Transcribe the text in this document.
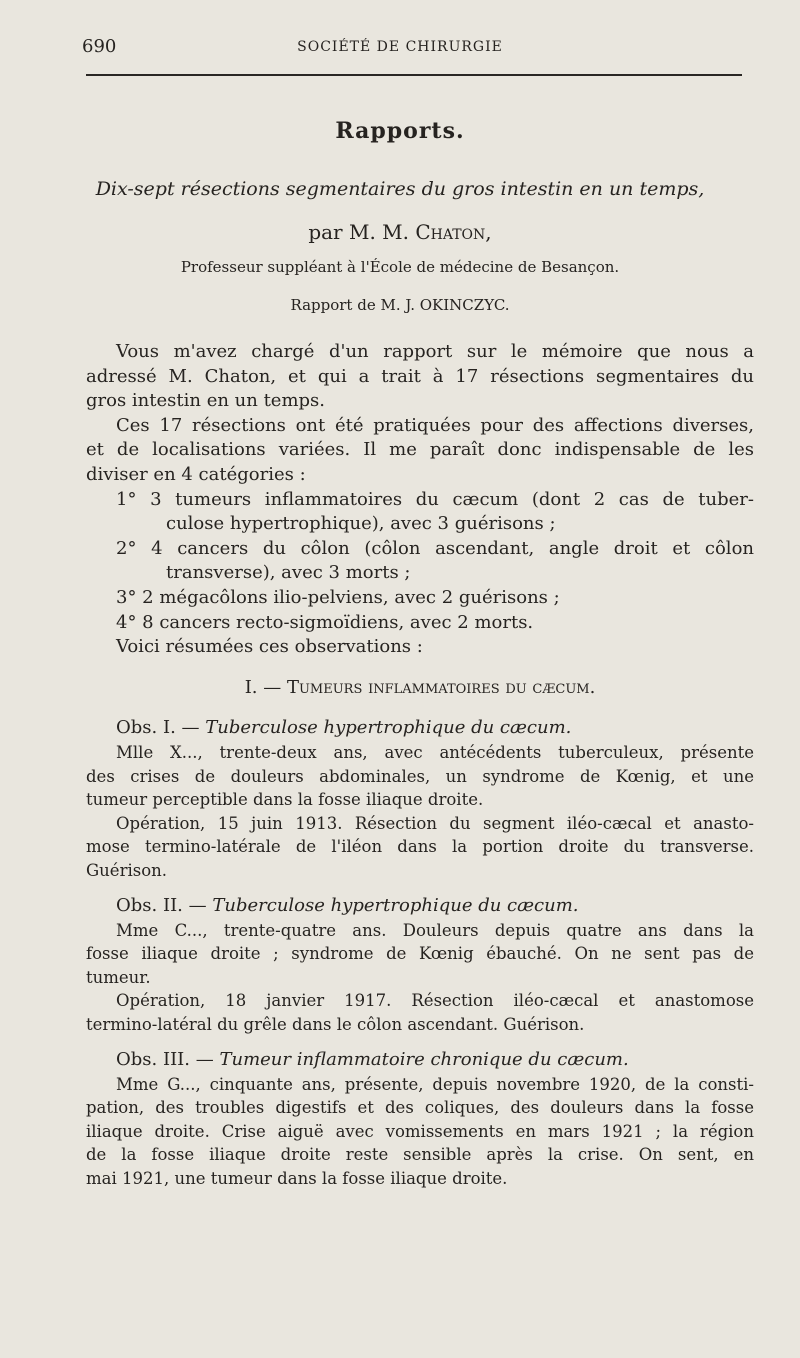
690	SOCIÉTÉ DE CHIRURGIE
Rapports.
Dix-sept résections segmentaires du gros intestin en un temps,
par M. M. Chaton,
Professeur suppléant à l'École de médecine de Besançon.
Rapport de M. J. OKINCZYC.
Vous m'avez chargé d'un rapport sur le mémoire que nous a
adressé M. Chaton, et qui a trait à 17 résections segmentaires du
gros intestin en un temps.
Ces 17 résections ont été pratiquées pour des affections diverses,
et de localisations variées. Il me paraît donc indispensable de les
diviser en 4 catégories :
1° 3 tumeurs inflammatoires du cæcum (dont 2 cas de tuber-
culose hypertrophique), avec 3 guérisons ;
2° 4 cancers du côlon (côlon ascendant, angle droit et côlon
transverse), avec 3 morts ;
3° 2 mégacôlons ilio-pelviens, avec 2 guérisons ;
4° 8 cancers recto-sigmoïdiens, avec 2 morts.
Voici résumées ces observations :
I. — Tumeurs inflammatoires du cæcum.
Obs. I. — Tuberculose hypertrophique du cæcum.
Mlle X..., trente-deux ans, avec antécédents tuberculeux, présente
des crises de douleurs abdominales, un syndrome de Kœnig, et une
tumeur perceptible dans la fosse iliaque droite.
Opération, 15 juin 1913. Résection du segment iléo-cæcal et anasto-
mose termino-latérale de l'iléon dans la portion droite du transverse.
Guérison.
Obs. II. — Tuberculose hypertrophique du cæcum.
Mme C..., trente-quatre ans. Douleurs depuis quatre ans dans la
fosse iliaque droite ; syndrome de Kœnig ébauché. On ne sent pas de
tumeur.
Opération, 18 janvier 1917. Résection iléo-cæcal et anastomose
termino-latéral du grêle dans le côlon ascendant. Guérison.
Obs. III. — Tumeur inflammatoire chronique du cæcum.
Mme G..., cinquante ans, présente, depuis novembre 1920, de la consti-
pation, des troubles digestifs et des coliques, des douleurs dans la fosse
iliaque droite. Crise aiguë avec vomissements en mars 1921 ; la région
de la fosse iliaque droite reste sensible après la crise. On sent, en
mai 1921, une tumeur dans la fosse iliaque droite.
